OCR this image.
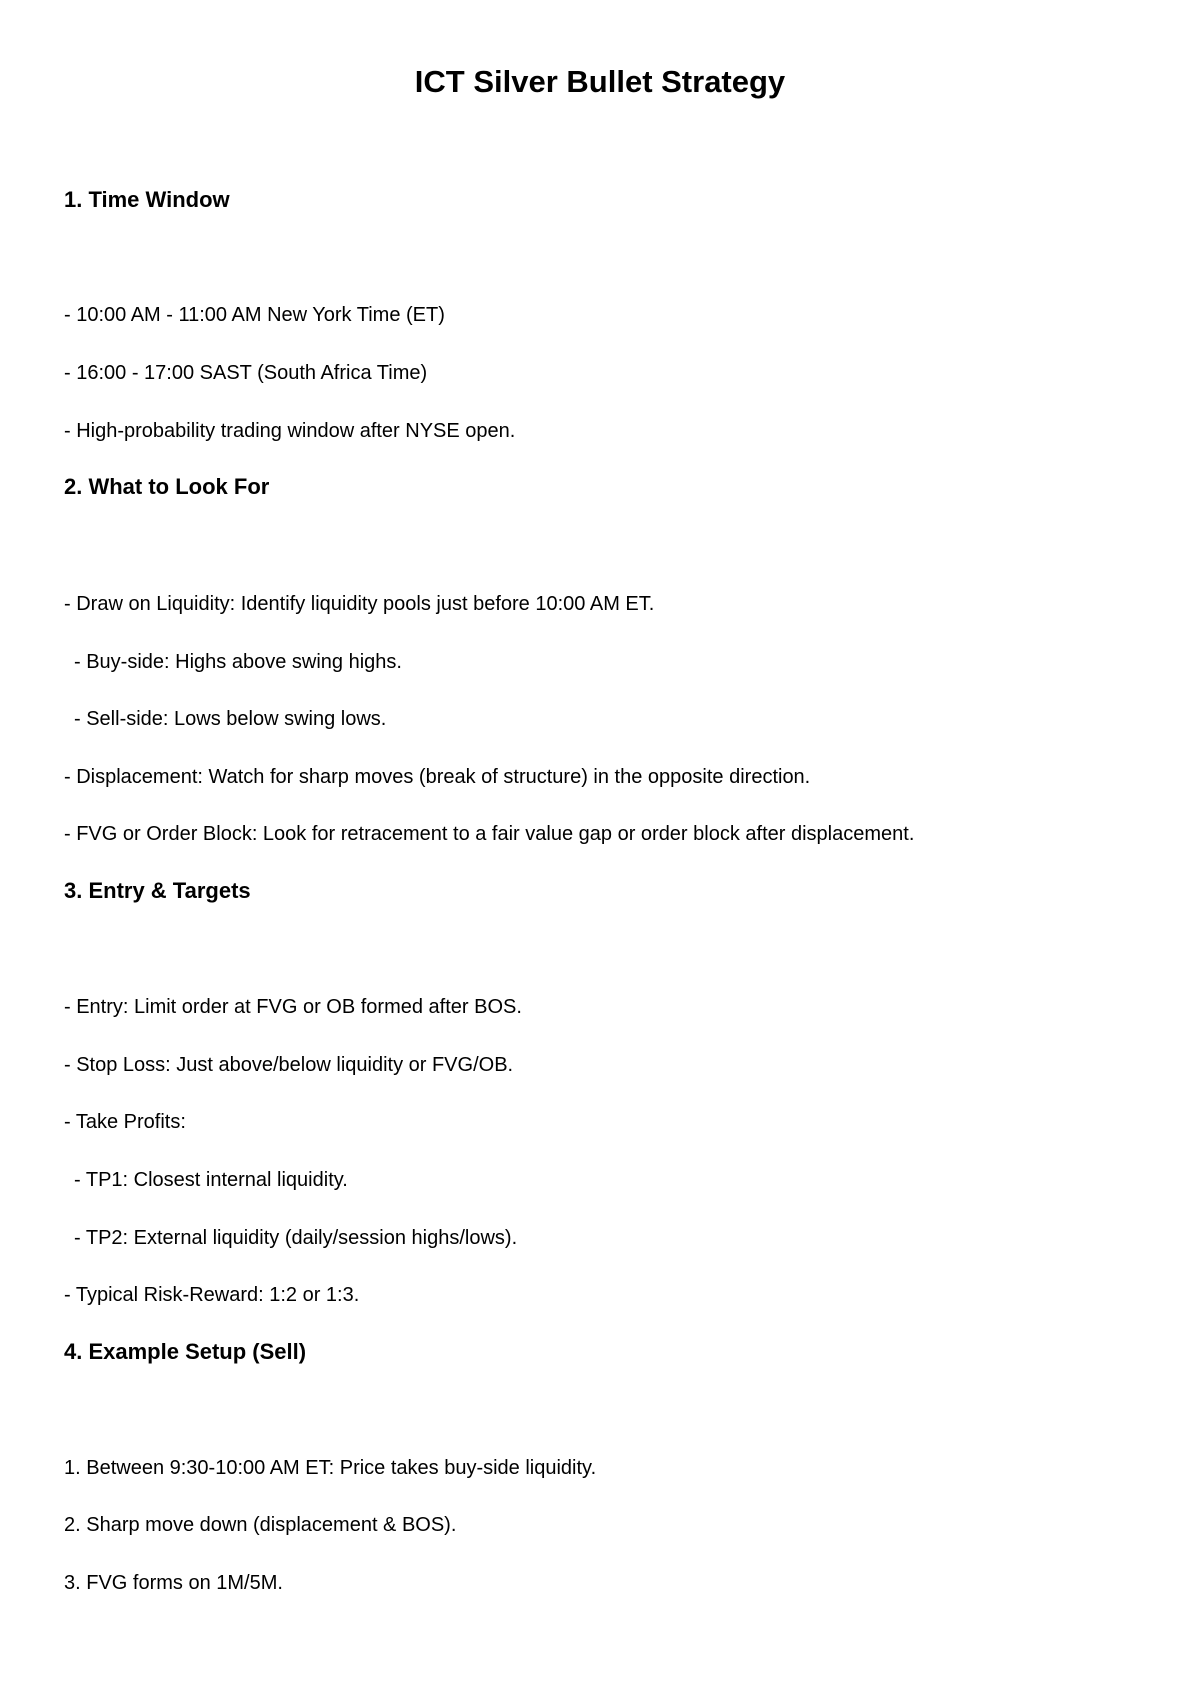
ICT Silver Bullet Strategy
1. Time Window

- 10:00 AM - 11:00 AM New York Time (ET)

- 16:00 - 17:00 SAST (South Africa Time)

- High-probability trading window after NYSE open.

2. What to Look For

- Draw on Liquidity: Identify liquidity pools just before 10:00 AM ET.

- Buy-side: Highs above swing highs.

- Sell-side: Lows below swing lows.

- Displacement: Watch for sharp moves (break of structure) in the opposite direction.

- FVG or Order Block: Look for retracement to a fair value gap or order block after displacement.

3. Entry & Targets

- Entry: Limit order at FVG or OB formed after BOS.

- Stop Loss: Just above/below liquidity or FVG/OB.

- Take Profits:

- TP1: Closest internal liquidity.

- TP2: External liquidity (daily/session highs/lows).

- Typical Risk-Reward: 1:2 or 1:3.

4. Example Setup (Sell)

1. Between 9:30-10:00 AM ET: Price takes buy-side liquidity.

2. Sharp move down (displacement & BOS).

3. FVG forms on 1M/5M.
